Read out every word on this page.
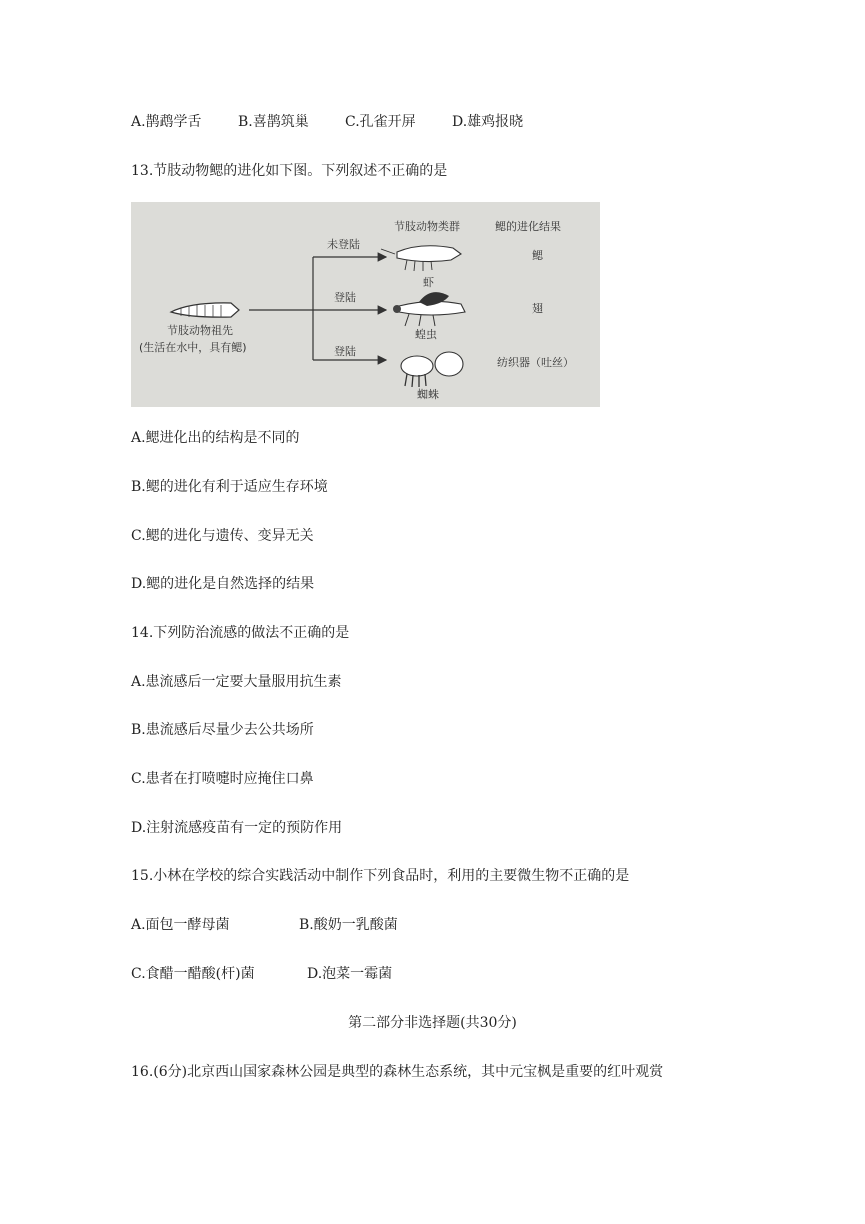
A.鹊鹉学舌	B.喜鹊筑巢	C.孔雀开屏	D.雄鸡报晓
13.节肢动物鳃的进化如下图。下列叙述不正确的是
节肢动物类群	鳃的进化结果
节肢动物祖先
(生活在水中，具有鳃)
未登陆
登陆
登陆
虾
蝗虫
蜘蛛
鳃
翅
纺织器（吐丝）
A.鳃进化出的结构是不同的
B.鳃的进化有利于适应生存环境
C.鳃的进化与遗传、变异无关
D.鳃的进化是自然选择的结果
14.下列防治流感的做法不正确的是
A.患流感后一定要大量服用抗生素
B.患流感后尽量少去公共场所
C.患者在打喷嚏时应掩住口鼻
D.注射流感疫苗有一定的预防作用
15.小林在学校的综合实践活动中制作下列食品时，利用的主要微生物不正确的是
A.面包一酵母菌	B.酸奶一乳酸菌
C.食醋一醋酸(杆)菌	D.泡菜一霉菌
第二部分非选择题(共30分)
16.(6分)北京西山国家森林公园是典型的森林生态系统，其中元宝枫是重要的红叶观赏
